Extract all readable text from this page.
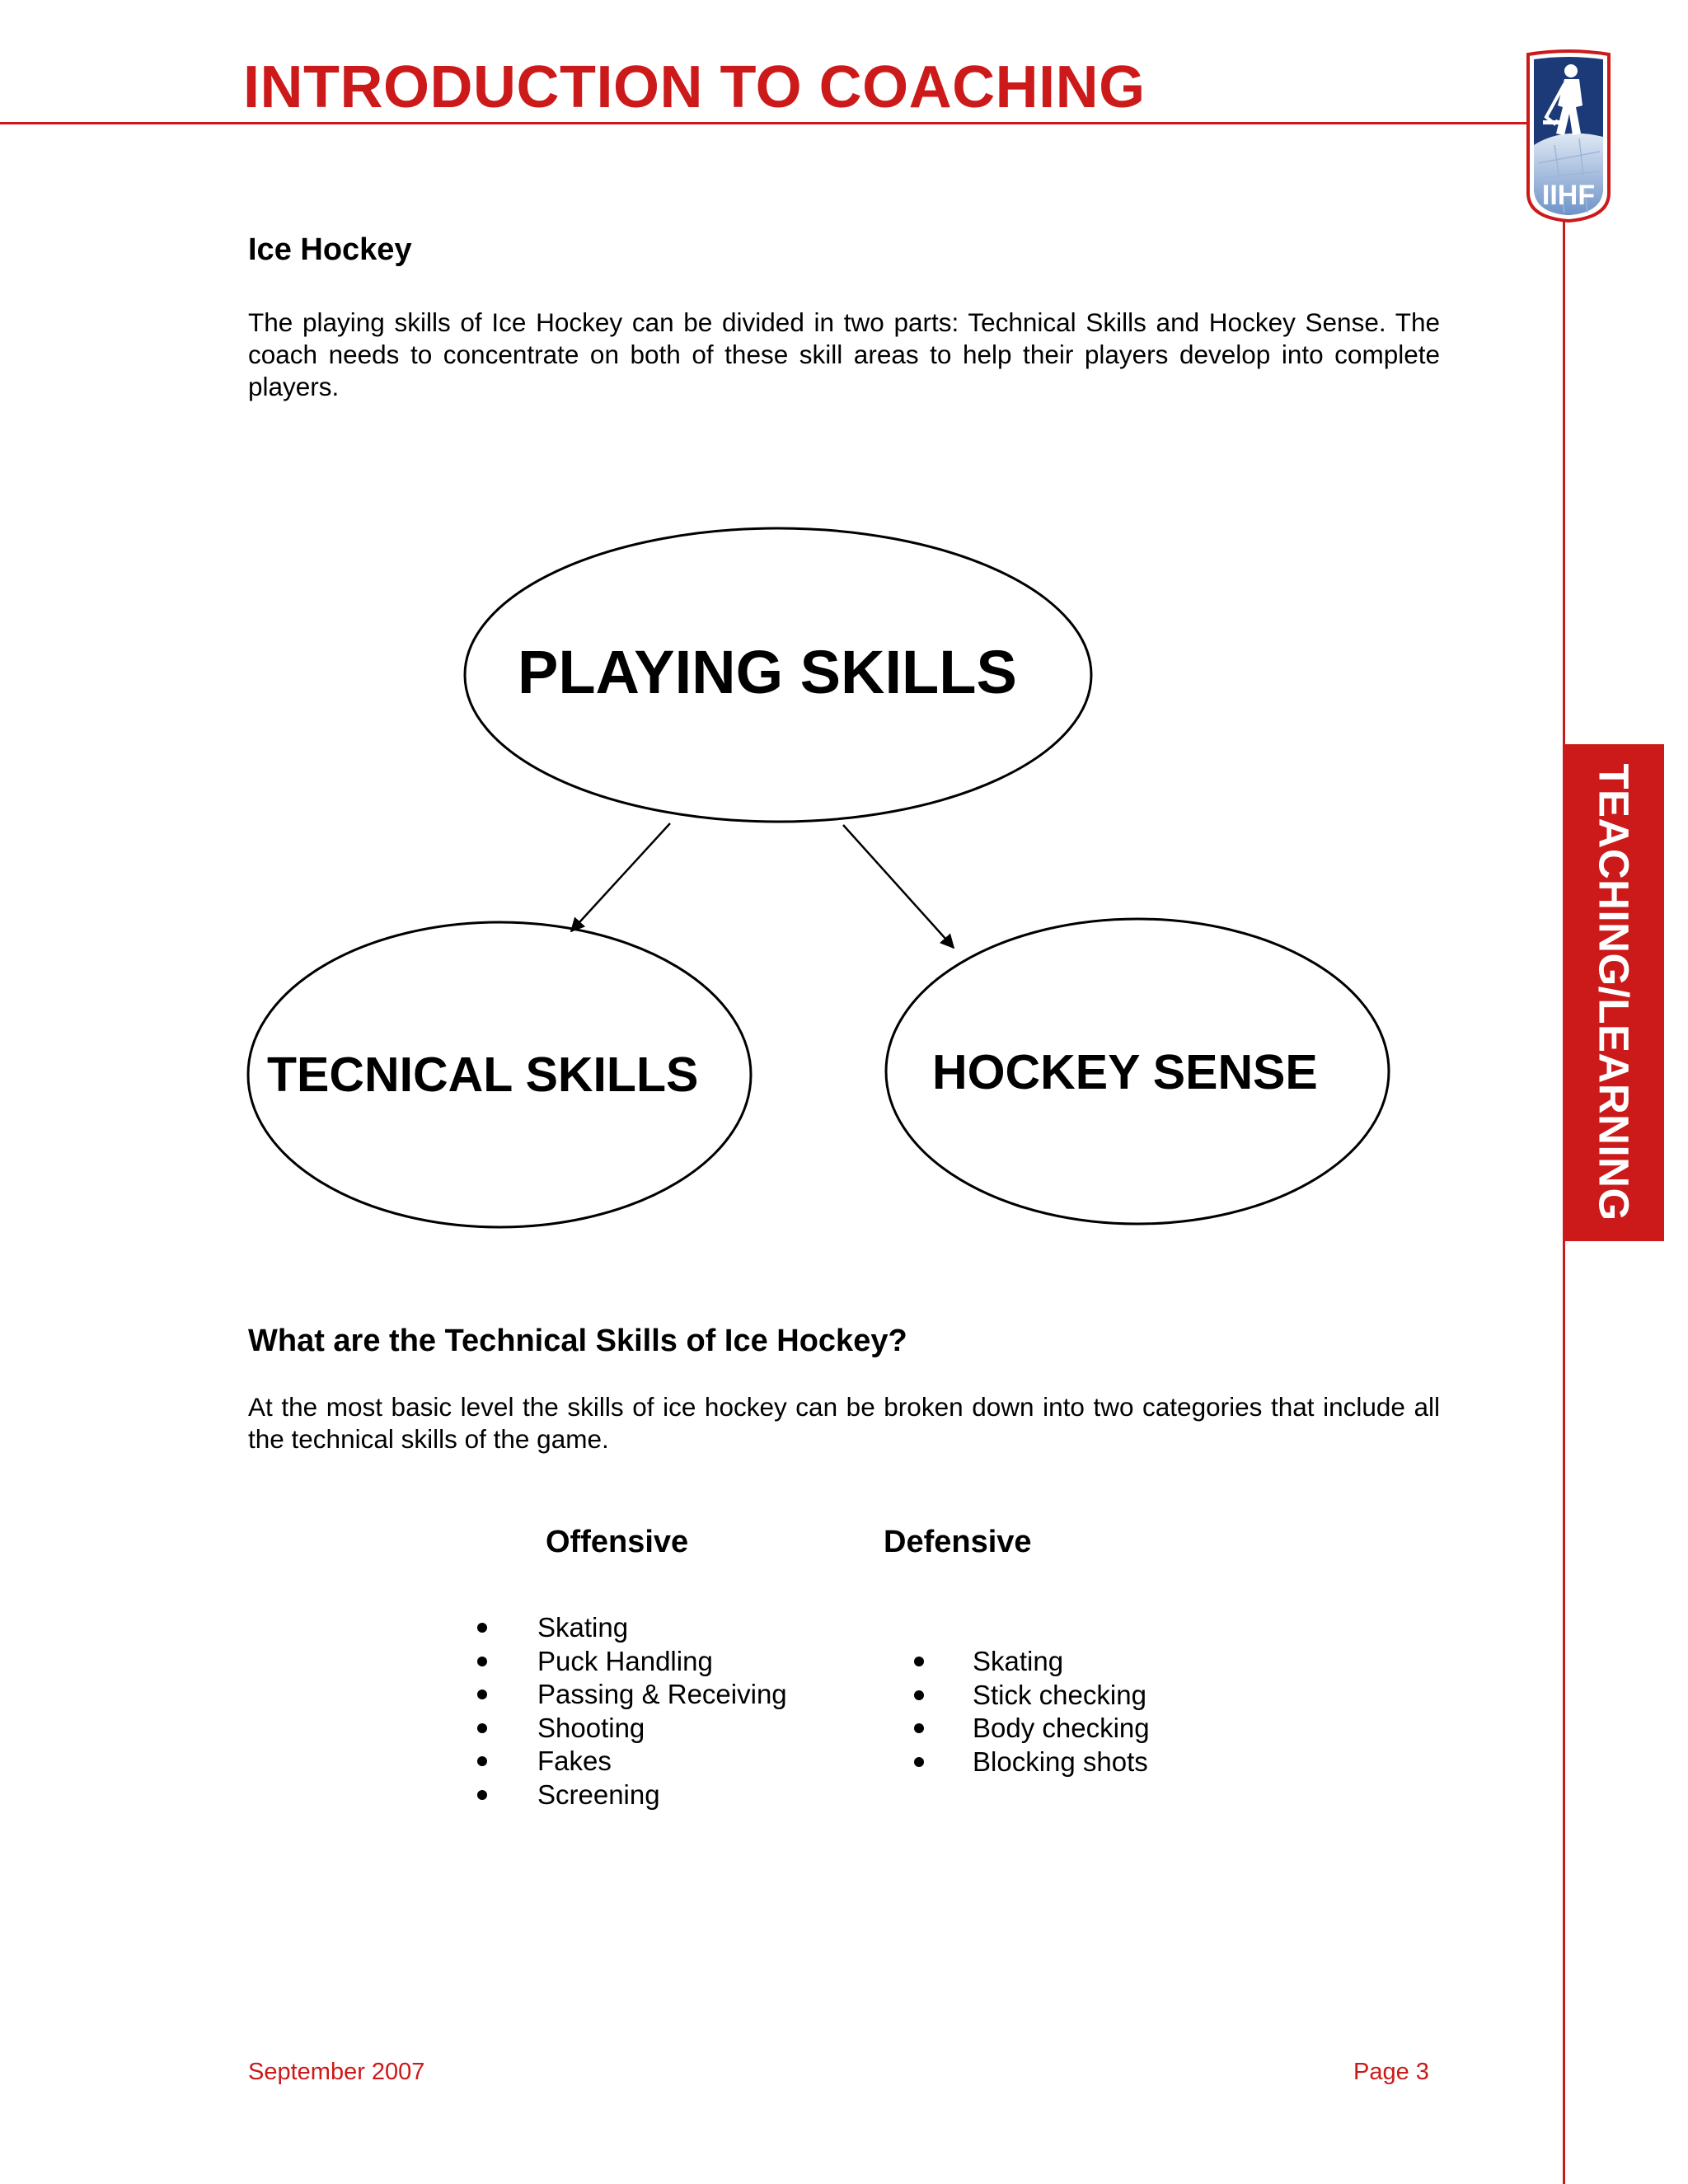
INTRODUCTION TO COACHING
IIHF
TEACHING/LEARNING
Ice Hockey
The playing skills of Ice Hockey can be divided in two parts: Technical Skills and Hockey Sense. The coach needs to concentrate on both of these skill areas to help their players develop into complete players.
PLAYING SKILLS
TECNICAL SKILLS	HOCKEY SENSE
What are the Technical Skills of Ice Hockey?
At the most basic level the skills of ice hockey can be broken down into two categories that include all the technical skills of the game.
Offensive
Skating
Puck Handling
Passing & Receiving
Shooting
Fakes
Screening
Defensive
Skating
Stick checking
Body checking
Blocking shots
September 2007	Page 3
